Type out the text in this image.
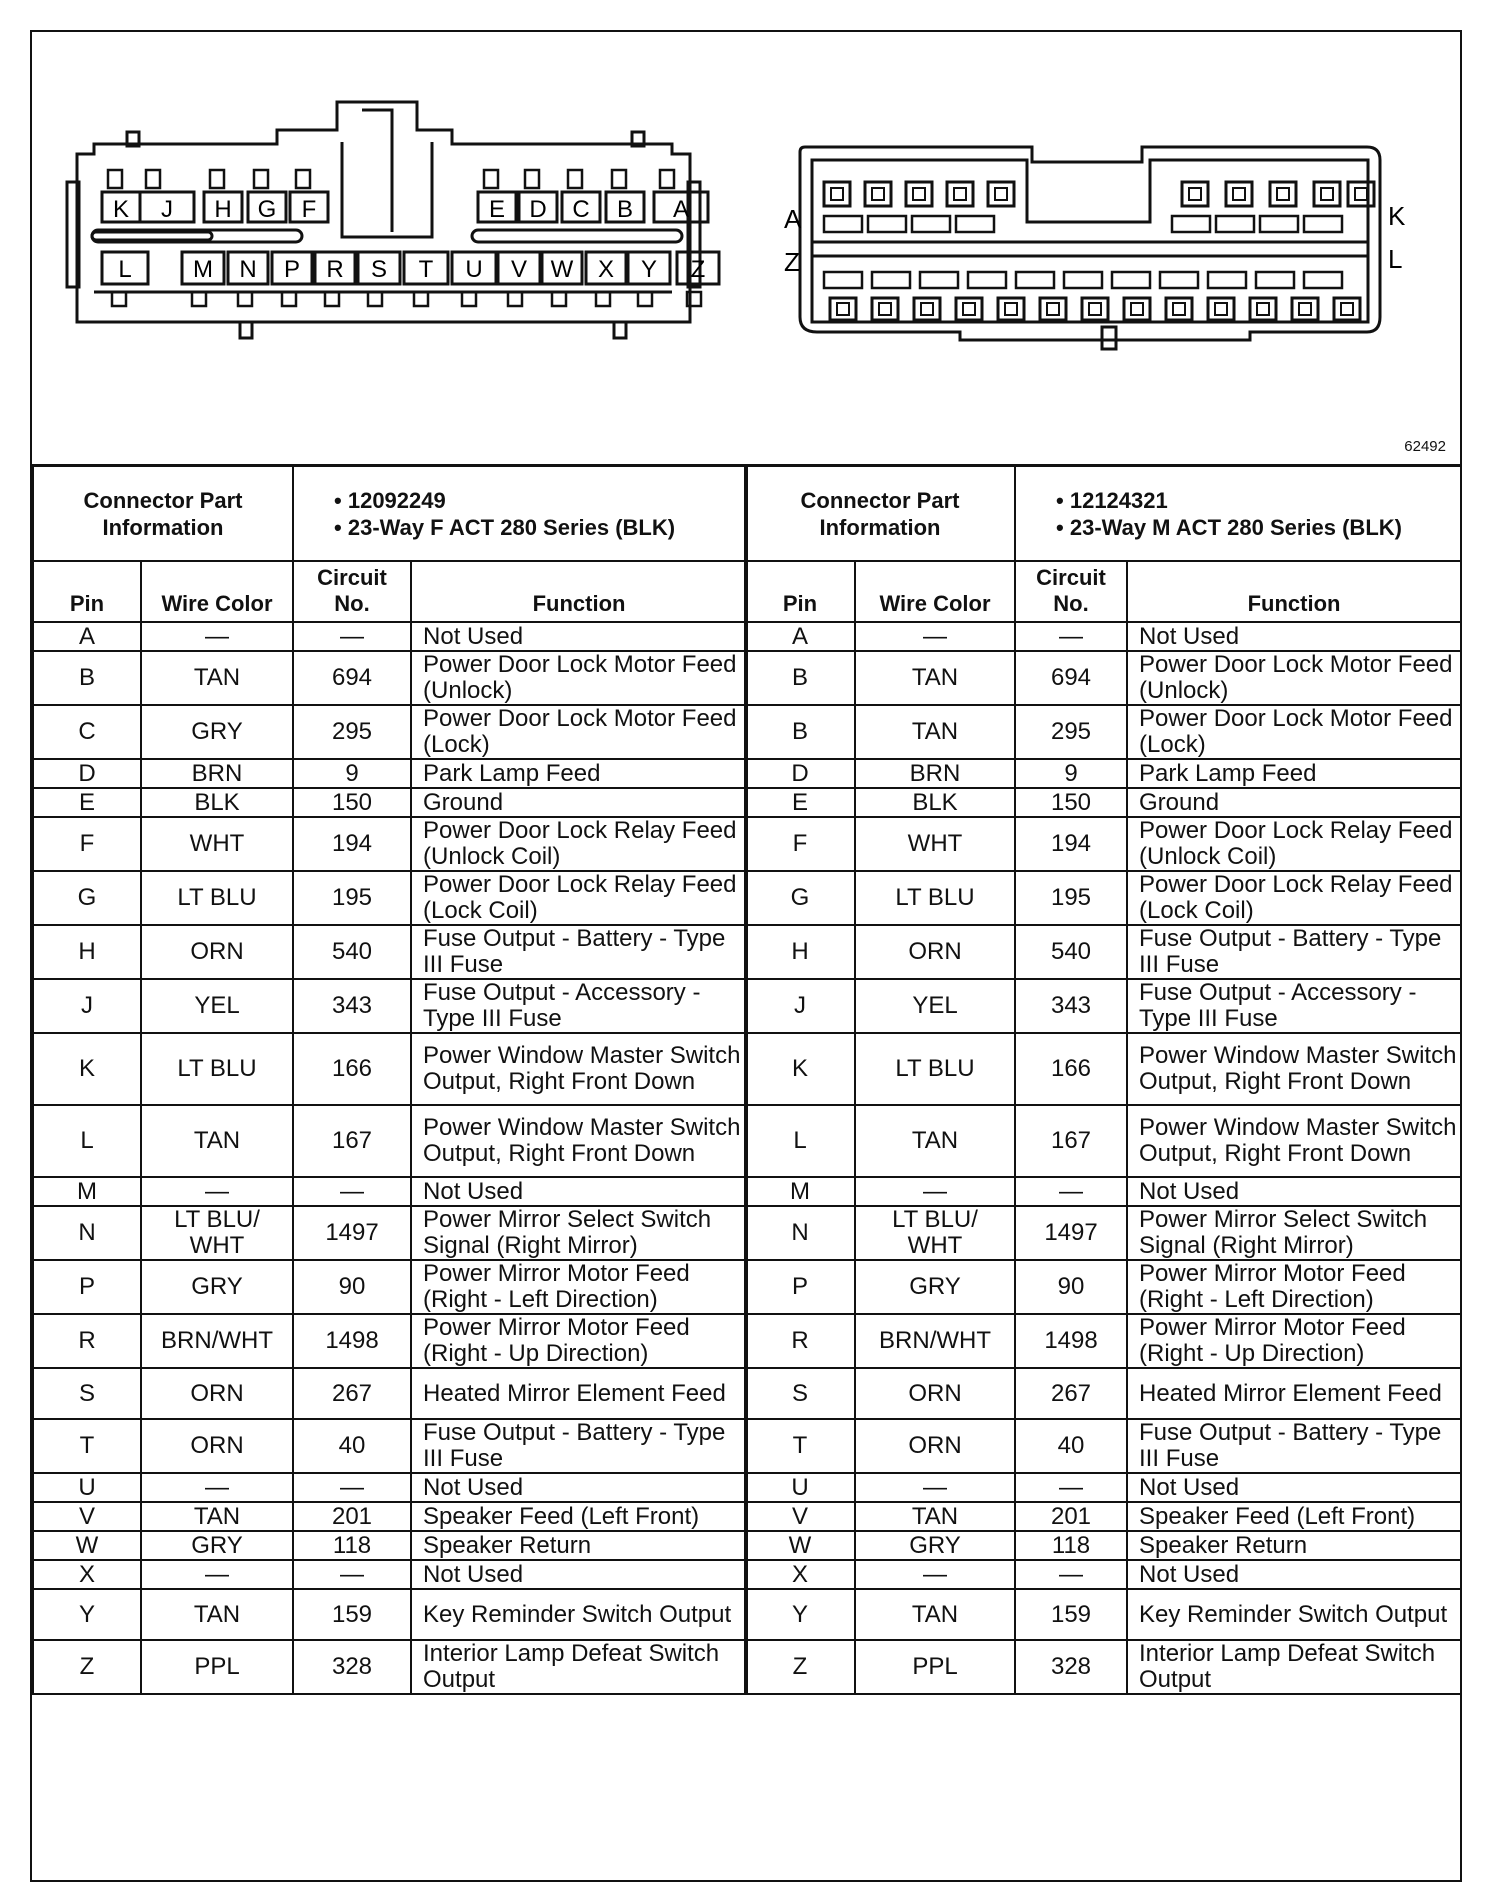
K J H G F	E D C B A
L	M N P R S T U V W X Y Z
A
Z
K
L
62492
Connector Part Information		• 12092249
• 23-Way F ACT 280 Series (BLK)

Pin	Wire Color	Circuit No.	Function
A	—	—	Not Used
B	TAN	694	Power Door Lock Motor Feed (Unlock)
C	GRY	295	Power Door Lock Motor Feed (Lock)
D	BRN	9	Park Lamp Feed
E	BLK	150	Ground
F	WHT	194	Power Door Lock Relay Feed (Unlock Coil)
G	LT BLU	195	Power Door Lock Relay Feed (Lock Coil)
H	ORN	540	Fuse Output - Battery - Type III Fuse
J	YEL	343	Fuse Output - Accessory - Type III Fuse
K	LT BLU	166	Power Window Master Switch Output, Right Front Down
L	TAN	167	Power Window Master Switch Output, Right Front Down
M	—	—	Not Used
N	LT BLU/ WHT	1497	Power Mirror Select Switch Signal (Right Mirror)
P	GRY	90	Power Mirror Motor Feed (Right - Left Direction)
R	BRN/WHT	1498	Power Mirror Motor Feed (Right - Up Direction)
S	ORN	267	Heated Mirror Element Feed
T	ORN	40	Fuse Output - Battery - Type III Fuse
U	—	—	Not Used
V	TAN	201	Speaker Feed (Left Front)
W	GRY	118	Speaker Return
X	—	—	Not Used
Y	TAN	159	Key Reminder Switch Output
Z	PPL	328	Interior Lamp Defeat Switch Output
Connector Part Information		• 12124321
• 23-Way M ACT 280 Series (BLK)

Pin	Wire Color	Circuit No.	Function
A	—	—	Not Used
B	TAN	694	Power Door Lock Motor Feed (Unlock)
B	TAN	295	Power Door Lock Motor Feed (Lock)
D	BRN	9	Park Lamp Feed
E	BLK	150	Ground
F	WHT	194	Power Door Lock Relay Feed (Unlock Coil)
G	LT BLU	195	Power Door Lock Relay Feed (Lock Coil)
H	ORN	540	Fuse Output - Battery - Type III Fuse
J	YEL	343	Fuse Output - Accessory - Type III Fuse
K	LT BLU	166	Power Window Master Switch Output, Right Front Down
L	TAN	167	Power Window Master Switch Output, Right Front Down
M	—	—	Not Used
N	LT BLU/ WHT	1497	Power Mirror Select Switch Signal (Right Mirror)
P	GRY	90	Power Mirror Motor Feed (Right - Left Direction)
R	BRN/WHT	1498	Power Mirror Motor Feed (Right - Up Direction)
S	ORN	267	Heated Mirror Element Feed
T	ORN	40	Fuse Output - Battery - Type III Fuse
U	—	—	Not Used
V	TAN	201	Speaker Feed (Left Front)
W	GRY	118	Speaker Return
X	—	—	Not Used
Y	TAN	159	Key Reminder Switch Output
Z	PPL	328	Interior Lamp Defeat Switch Output
